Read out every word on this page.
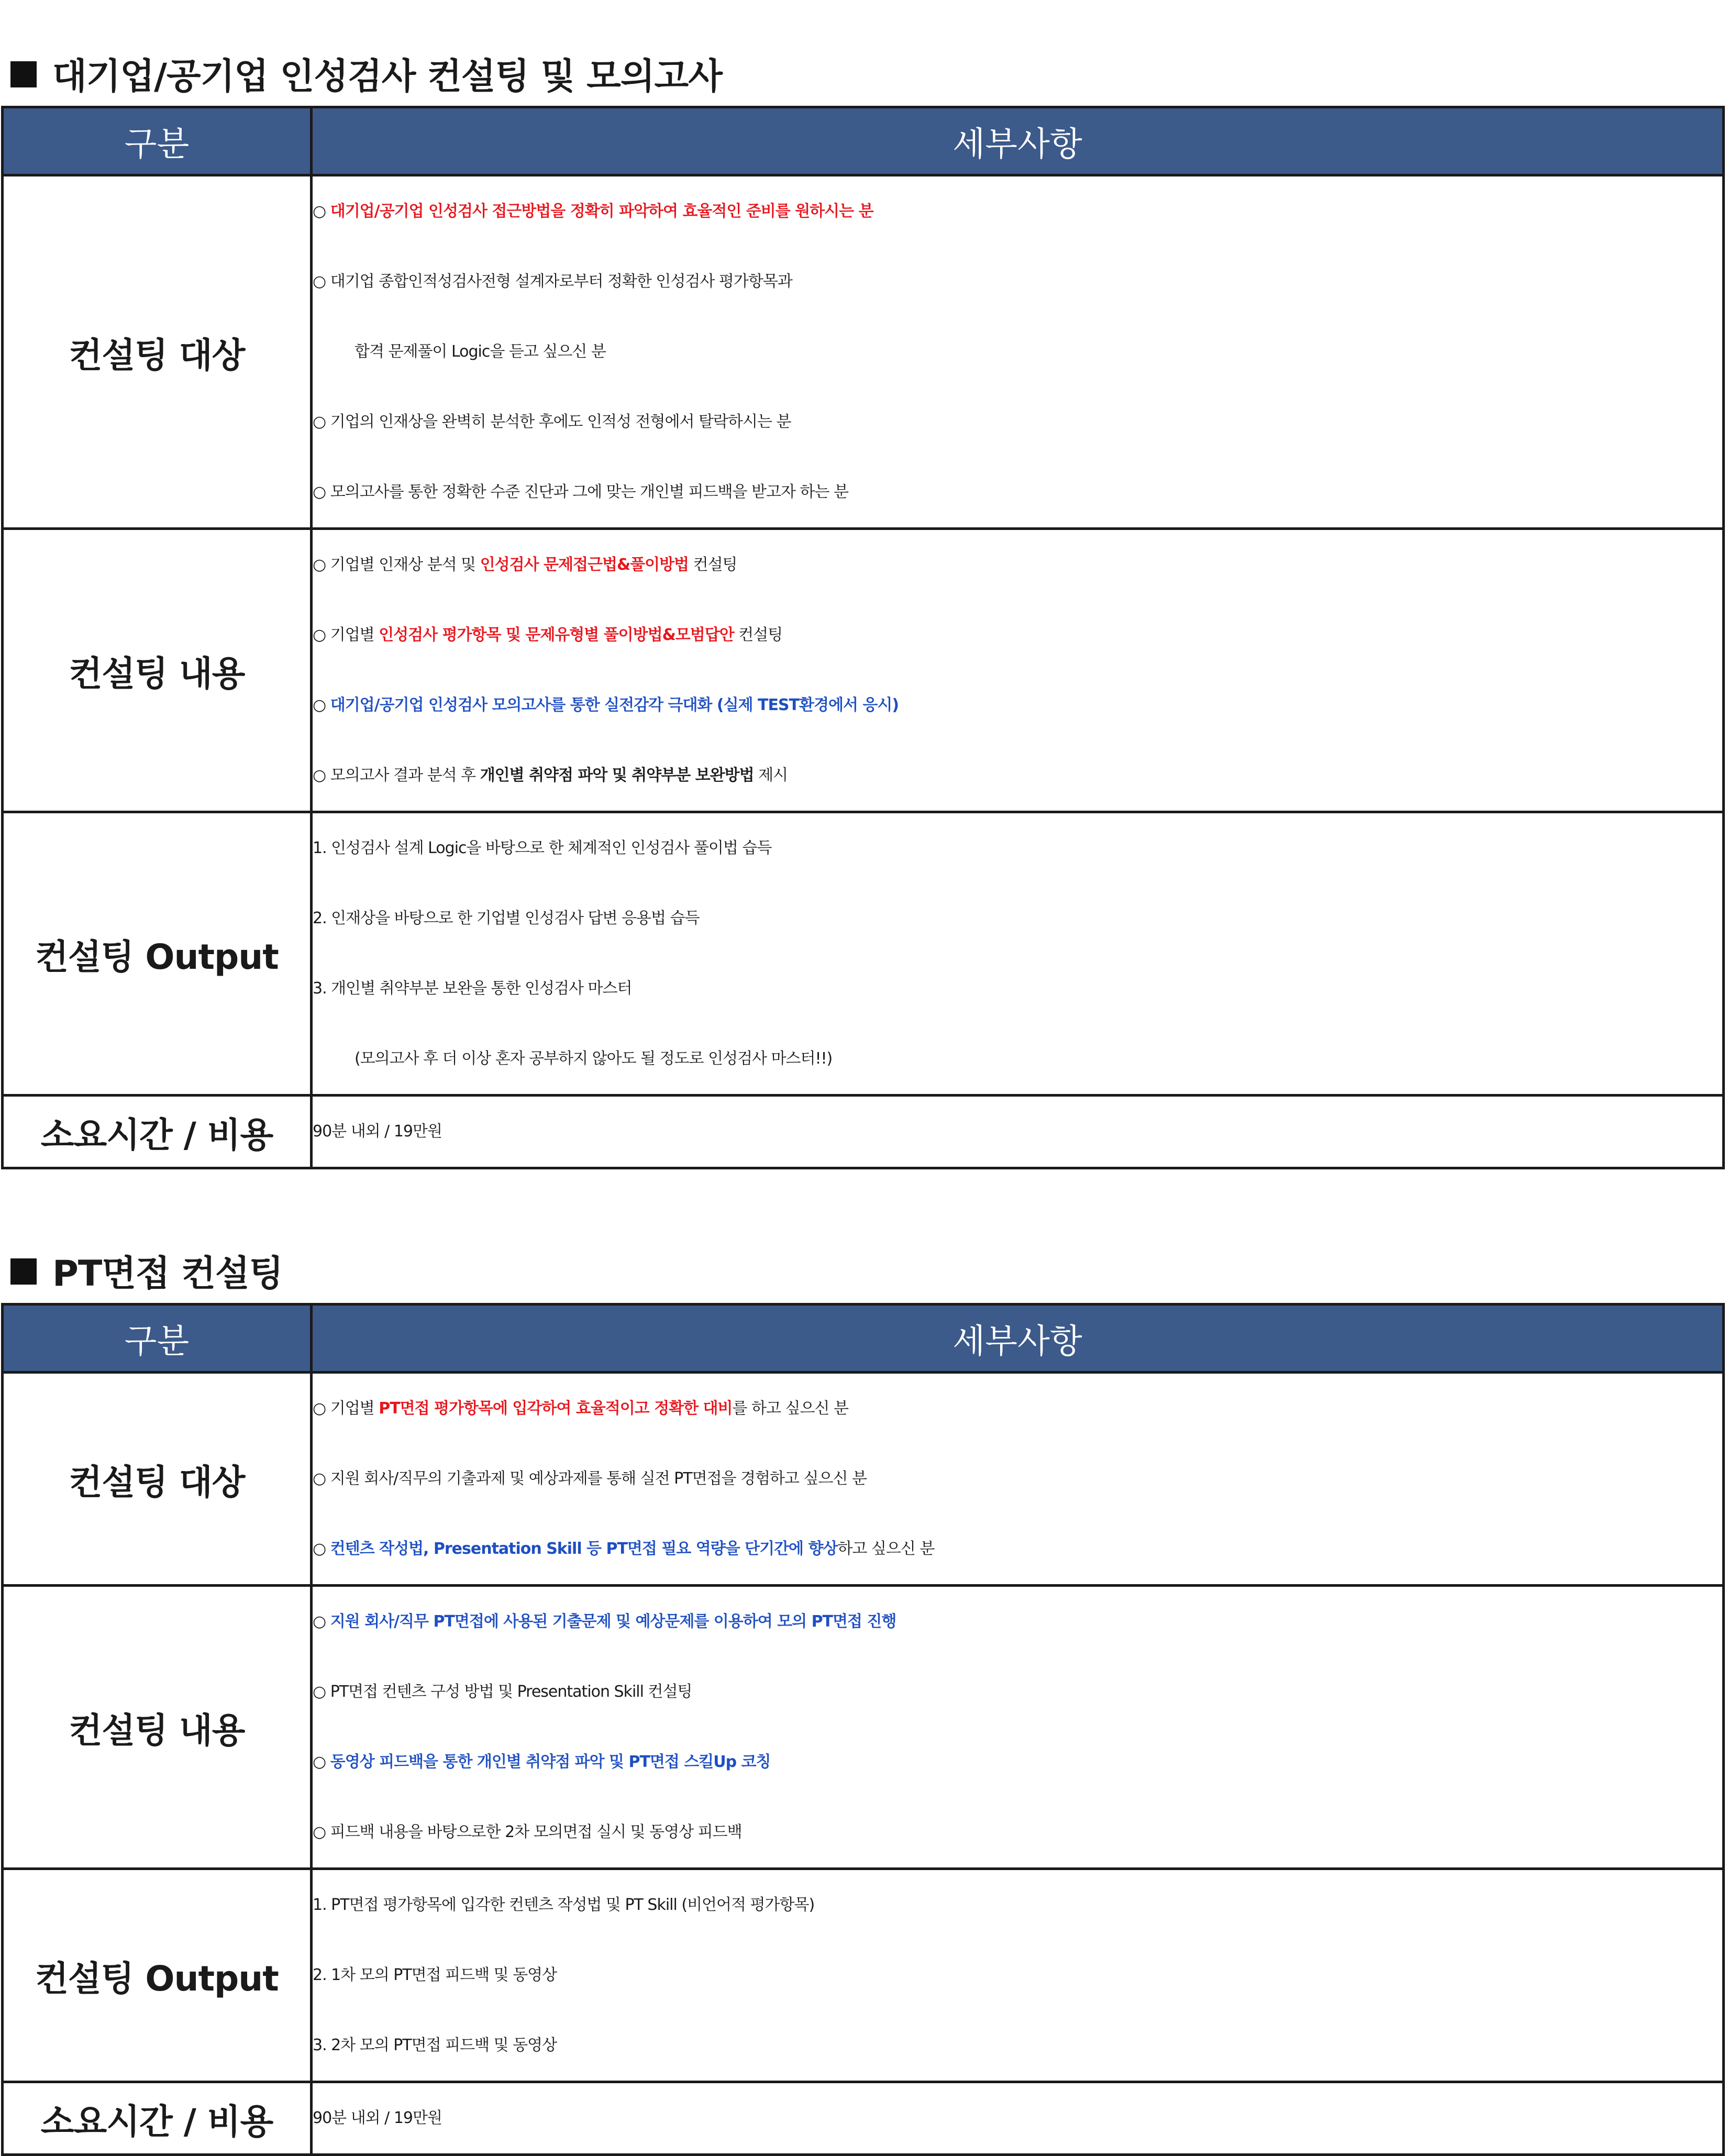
대기업/공기업 인성검사 컨설팅 및 모의고사
구분	세부사항
컨설팅 대상	○ 대기업/공기업 인성검사 접근방법을 정확히 파악하여 효율적인 준비를 원하시는 분
○ 대기업 종합인적성검사전형 설계자로부터 정확한 인성검사 평가항목과
합격 문제풀이 Logic을 듣고 싶으신 분
○ 기업의 인재상을 완벽히 분석한 후에도 인적성 전형에서 탈락하시는 분
○ 모의고사를 통한 정확한 수준 진단과 그에 맞는 개인별 피드백을 받고자 하는 분

컨설팅 내용	○ 기업별 인재상 분석 및 인성검사 문제접근법&풀이방법 컨설팅
○ 기업별 인성검사 평가항목 및 문제유형별 풀이방법&모범답안 컨설팅
○ 대기업/공기업 인성검사 모의고사를 통한 실전감각 극대화 (실제 TEST환경에서 응시)
○ 모의고사 결과 분석 후 개인별 취약점 파악 및 취약부분 보완방법 제시

컨설팅 Output	1. 인성검사 설계 Logic을 바탕으로 한 체계적인 인성검사 풀이법 습득
2. 인재상을 바탕으로 한 기업별 인성검사 답변 응용법 습득
3. 개인별 취약부분 보완을 통한 인성검사 마스터
(모의고사 후 더 이상 혼자 공부하지 않아도 될 정도로 인성검사 마스터!!)

소요시간 / 비용	90분 내외 / 19만원
PT면접 컨설팅
구분	세부사항
컨설팅 대상	○ 기업별 PT면접 평가항목에 입각하여 효율적이고 정확한 대비를 하고 싶으신 분
○ 지원 회사/직무의 기출과제 및 예상과제를 통해 실전 PT면접을 경험하고 싶으신 분
○ 컨텐츠 작성법, Presentation Skill 등 PT면접 필요 역량을 단기간에 향상하고 싶으신 분

컨설팅 내용	○ 지원 회사/직무 PT면접에 사용된 기출문제 및 예상문제를 이용하여 모의 PT면접 진행
○ PT면접 컨텐츠 구성 방법 및 Presentation Skill 컨설팅
○ 동영상 피드백을 통한 개인별 취약점 파악 및 PT면접 스킬Up 코칭
○ 피드백 내용을 바탕으로한 2차 모의면접 실시 및 동영상 피드백

컨설팅 Output	1. PT면접 평가항목에 입각한 컨텐츠 작성법 및 PT Skill (비언어적 평가항목)
2. 1차 모의 PT면접 피드백 및 동영상
3. 2차 모의 PT면접 피드백 및 동영상

소요시간 / 비용	90분 내외 / 19만원
